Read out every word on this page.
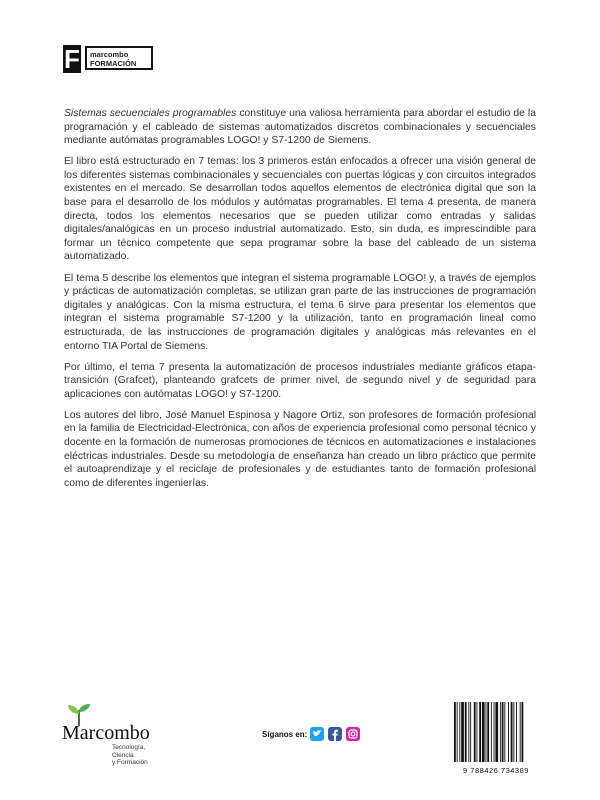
F marcombo
FORMACIÓN

Sistemas secuenciales programables constituye una valiosa herramienta para abordar el estudio de la programación y el cableado de sistemas automatizados discretos combinacionales y secuenciales mediante autómatas programables LOGO! y S7-1200 de Siemens.

El libro está estructurado en 7 temas: los 3 primeros están enfocados a ofrecer una visión general de los diferentes sistemas combinacionales y secuenciales con puertas lógicas y con circuitos integrados existentes en el mercado. Se desarrollan todos aquellos elementos de electrónica digital que son la base para el desarrollo de los módulos y autómatas programables. El tema 4 presenta, de manera directa, todos los elementos necesarios que se pueden utilizar como entradas y salidas digitales/analógicas en un proceso industrial automatizado. Esto, sin duda, es imprescindible para formar un técnico competente que sepa programar sobre la base del cableado de un sistema automatizado.

El tema 5 describe los elementos que integran el sistema programable LOGO! y, a través de ejemplos y prácticas de automatización completas, se utilizan gran parte de las instrucciones de programación digitales y analógicas. Con la misma estructura, el tema 6 sirve para presentar los elementos que integran el sistema programable S7-1200 y la utilización, tanto en programación lineal como estructurada, de las instrucciones de programación digitales y analógicas más relevantes en el entorno TIA Portal de Siemens.

Por último, el tema 7 presenta la automatización de procesos industriales mediante gráficos etapa-transición (Grafcet), planteando grafcets de primer nivel, de segundo nivel y de seguridad para aplicaciones con autómatas LOGO! y S7-1200.

Los autores del libro, José Manuel Espinosa y Nagore Ortiz, son profesores de formación profesional en la familia de Electricidad-Electrónica, con años de experiencia profesional como personal técnico y docente en la formación de numerosas promociones de técnicos en automatizaciones e instalaciones eléctricas industriales. Desde su metodología de enseñanza han creado un libro práctico que permite el autoaprendizaje y el reciclaje de profesionales y de estudiantes tanto de formación profesional como de diferentes ingenierías.

Marcombo
Tecnología,
Ciencia
y Formación
Síganos en:
9 788426 734389
